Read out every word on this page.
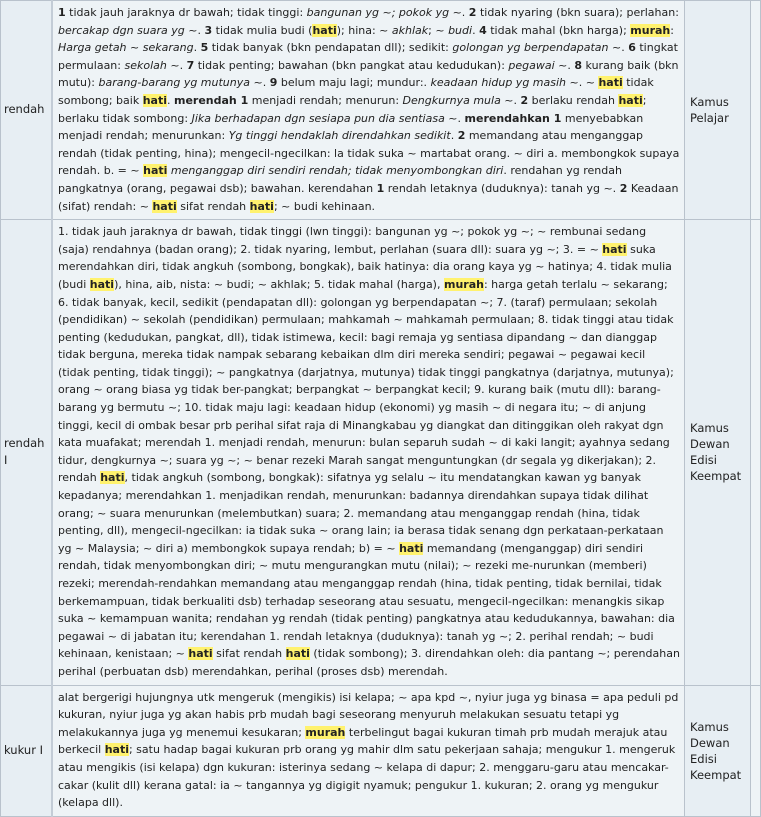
rendah	1 tidak jauh jaraknya dr bawah; tidak tinggi: bangunan yg ~; pokok yg ~. 2 tidak nyaring (bkn suara); perlahan: bercakap dgn suara yg ~. 3 tidak mulia budi (hati); hina: ~ akhlak; ~ budi. 4 tidak mahal (bkn harga); murah: Harga getah ~ sekarang. 5 tidak banyak (bkn pendapatan dll); sedikit: golongan yg berpendapatan ~. 6 tingkat permulaan: sekolah ~. 7 tidak penting; bawahan (bkn pangkat atau kedudukan): pegawai ~. 8 kurang baik (bkn mutu): barang-barang yg mutunya ~. 9 belum maju lagi; mundur:. keadaan hidup yg masih ~. ~ hati tidak sombong; baik hati. merendah 1 menjadi rendah; menurun: Dengkurnya mula ~. 2 berlaku rendah hati; berlaku tidak sombong: Jika berhadapan dgn sesiapa pun dia sentiasa ~. merendahkan 1 menyebabkan menjadi rendah; menurunkan: Yg tinggi hendaklah direndahkan sedikit. 2 memandang atau menganggap rendah (tidak penting, hina); mengecil-ngecilkan: la tidak suka ~ martabat orang. ~ diri a. membongkok supaya rendah. b. = ~ hati menganggap diri sendiri rendah; tidak menyombongkan diri. rendahan yg rendah pangkatnya (orang, pegawai dsb); bawahan. kerendahan 1 rendah letaknya (duduknya): tanah yg ~. 2 Keadaan (sifat) rendah: ~ hati sifat rendah hati; ~ budi kehinaan.	Kamus Pelajar	
rendah I	1. tidak jauh jaraknya dr bawah, tidak tinggi (lwn tinggi): bangunan yg ~; pokok yg ~; ~ rembunai sedang (saja) rendahnya (badan orang); 2. tidak nyaring, lembut, perlahan (suara dll): suara yg ~; 3. = ~ hati suka merendahkan diri, tidak angkuh (sombong, bongkak), baik hatinya: dia orang kaya yg ~ hatinya; 4. tidak mulia (budi hati), hina, aib, nista: ~ budi; ~ akhlak; 5. tidak mahal (harga), murah: harga getah terlalu ~ sekarang; 6. tidak banyak, kecil, sedikit (pendapatan dll): golongan yg berpendapatan ~; 7. (taraf) permulaan; sekolah (pendidikan) ~ sekolah (pendidikan) permulaan; mahkamah ~ mahkamah permulaan; 8. tidak tinggi atau tidak penting (kedudukan, pangkat, dll), tidak istimewa, kecil: bagi remaja yg sentiasa dipandang ~ dan dianggap tidak berguna, mereka tidak nampak sebarang kebaikan dlm diri mereka sendiri; pegawai ~ pegawai kecil (tidak penting, tidak tinggi); ~ pangkatnya (darjatnya, mutunya) tidak tinggi pangkatnya (darjatnya, mutunya); orang ~ orang biasa yg tidak ber-pangkat; berpangkat ~ berpangkat kecil; 9. kurang baik (mutu dll): barang-barang yg bermutu ~; 10. tidak maju lagi: keadaan hidup (ekonomi) yg masih ~ di negara itu; ~ di anjung tinggi, kecil di ombak besar prb perihal sifat raja di Minangkabau yg diangkat dan ditinggikan oleh rakyat dgn kata muafakat; merendah 1. menjadi rendah, menurun: bulan separuh sudah ~ di kaki langit; ayahnya sedang tidur, dengkurnya ~; suara yg ~; ~ benar rezeki Marah sangat menguntungkan (dr segala yg dikerjakan); 2. rendah hati, tidak angkuh (sombong, bongkak): sifatnya yg selalu ~ itu mendatangkan kawan yg banyak kepadanya; merendahkan 1. menjadikan rendah, menurunkan: badannya direndahkan supaya tidak dilihat orang; ~ suara menurunkan (melembutkan) suara; 2. memandang atau menganggap rendah (hina, tidak penting, dll), mengecil-ngecilkan: ia tidak suka ~ orang lain; ia berasa tidak senang dgn perkataan-perkataan yg ~ Malaysia; ~ diri a) membongkok supaya rendah; b) = ~ hati memandang (menganggap) diri sendiri rendah, tidak menyombongkan diri; ~ mutu mengurangkan mutu (nilai); ~ rezeki me-nurunkan (memberi) rezeki; merendah-rendahkan memandang atau menganggap rendah (hina, tidak penting, tidak bernilai, tidak berkemampuan, tidak berkualiti dsb) terhadap seseorang atau sesuatu, mengecil-ngecilkan: menangkis sikap suka ~ kemampuan wanita; rendahan yg rendah (tidak penting) pangkatnya atau kedudukannya, bawahan: dia pegawai ~ di jabatan itu; kerendahan 1. rendah letaknya (duduknya): tanah yg ~; 2. perihal rendah; ~ budi kehinaan, kenistaan; ~ hati sifat rendah hati (tidak sombong); 3. direndahkan oleh: dia pantang ~; perendahan perihal (perbuatan dsb) merendahkan, perihal (proses dsb) merendah.	Kamus Dewan Edisi Keempat	
kukur I	alat bergerigi hujungnya utk mengeruk (mengikis) isi kelapa; ~ apa kpd ~, nyiur juga yg binasa = apa peduli pd kukuran, nyiur juga yg akan habis prb mudah bagi seseorang menyuruh melakukan sesuatu tetapi yg melakukannya juga yg menemui kesukaran; murah terbelingut bagai kukuran timah prb mudah merajuk atau berkecil hati; satu hadap bagai kukuran prb orang yg mahir dlm satu pekerjaan sahaja; mengukur 1. mengeruk atau mengikis (isi kelapa) dgn kukuran: isterinya sedang ~ kelapa di dapur; 2. menggaru-garu atau mencakar-cakar (kulit dll) kerana gatal: ia ~ tangannya yg digigit nyamuk; pengukur 1. kukuran; 2. orang yg mengukur (kelapa dll).	Kamus Dewan Edisi Keempat	
